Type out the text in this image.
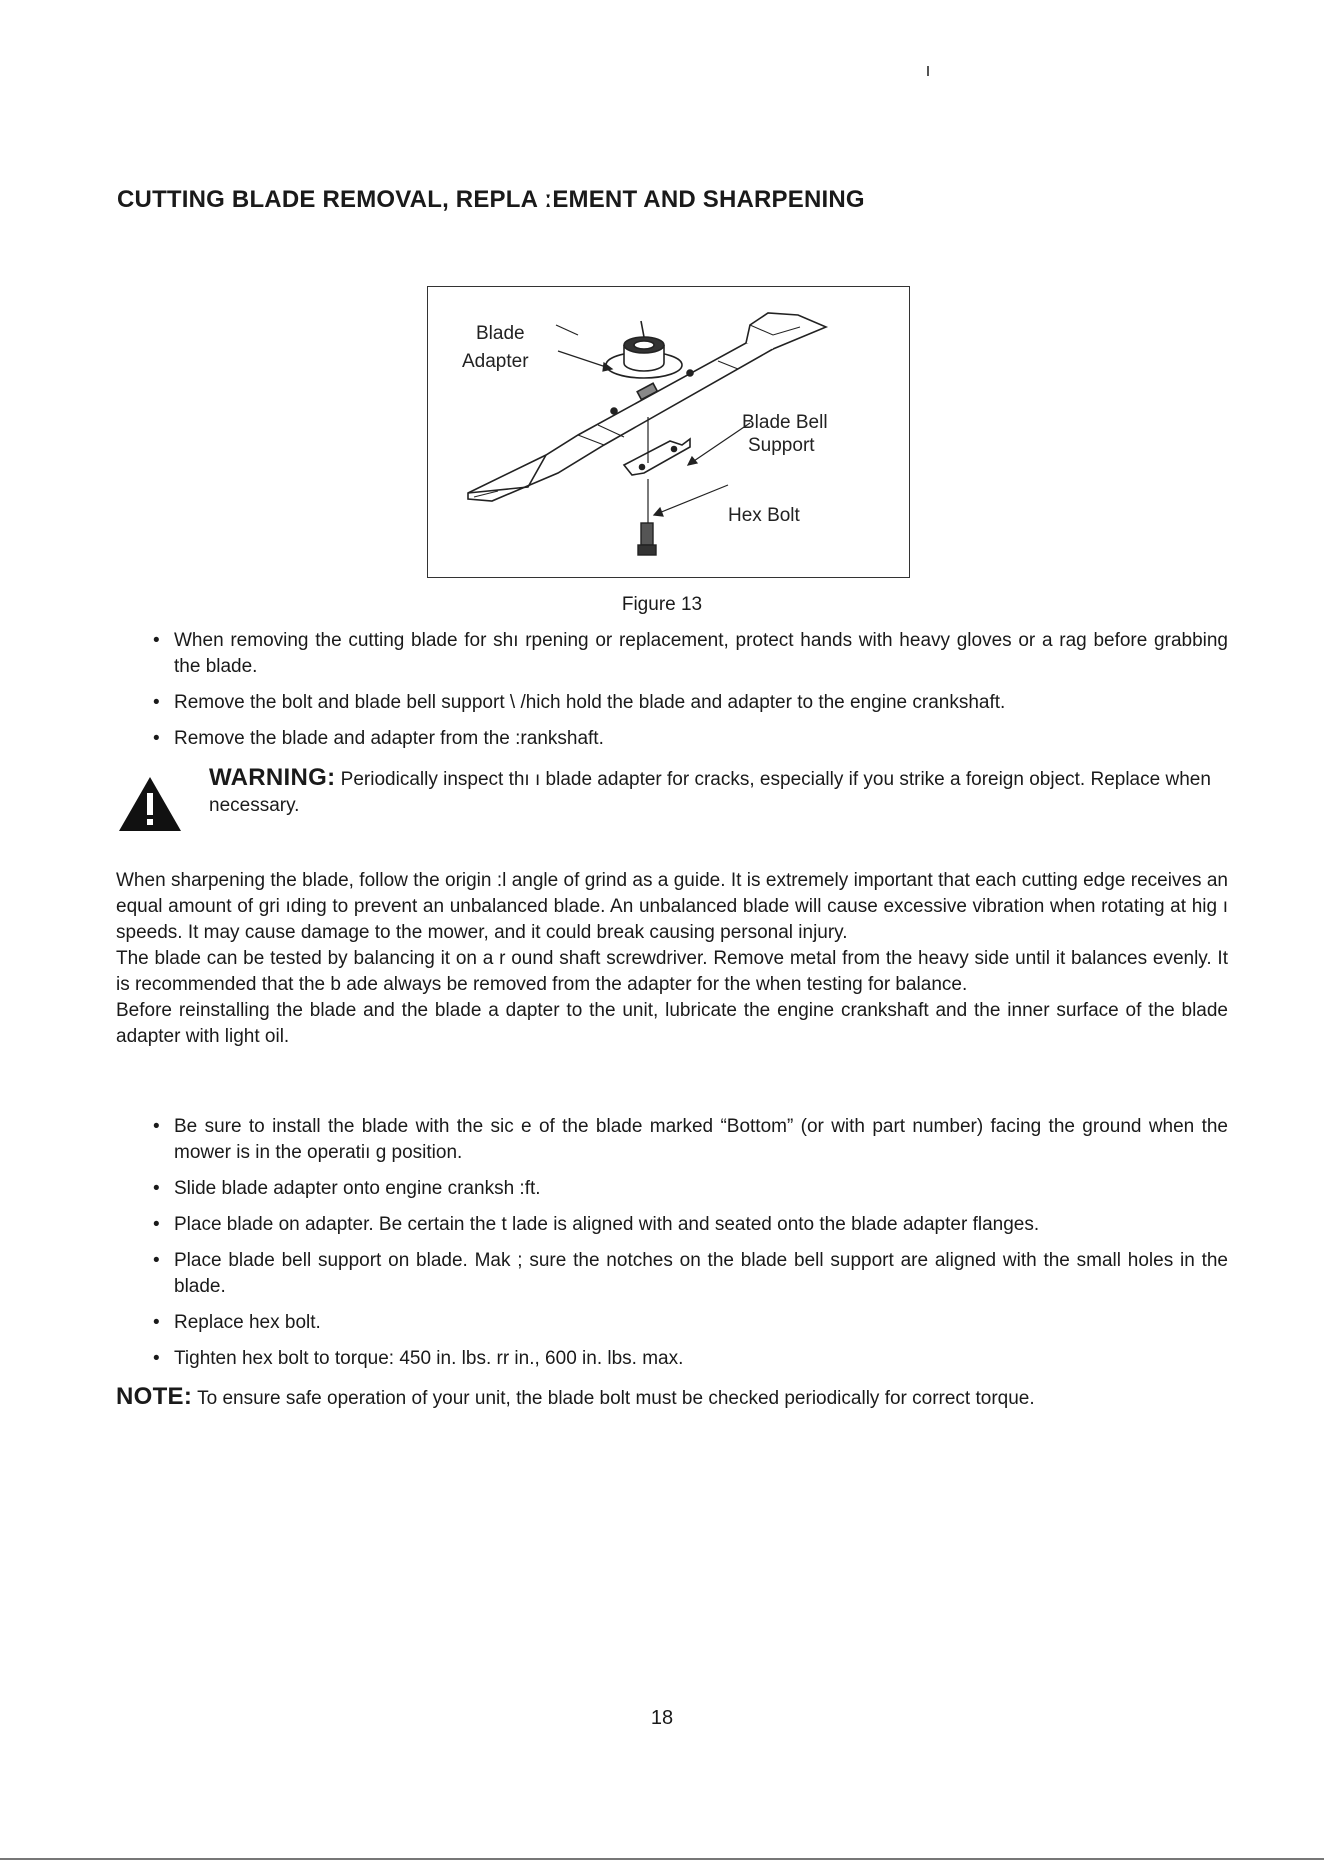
CUTTING BLADE REMOVAL, REPLA ːEMENT AND SHARPENING
Blade
Adapter
Blade Bell
Support
Hex Bolt
Figure 13
• When removing the cutting blade for shı rpening or replacement, protect hands with heavy gloves or a rag before grabbing the blade.
• Remove the bolt and blade bell support \ /hich hold the blade and adapter to the engine crankshaft.
• Remove the blade and adapter from the :rankshaft.
WARNING: Periodically inspect thı ı blade adapter for cracks, especially if you strike a foreign object. Replace when necessary.

When sharpening the blade, follow the origin :l angle of grind as a guide. It is extremely important that each cutting edge receives an equal amount of gri ıding to prevent an unbalanced blade. An unbalanced blade will cause excessive vibration when rotating at hig ı speeds. It may cause damage to the mower, and it could break causing personal injury.

The blade can be tested by balancing it on a r ound shaft screwdriver. Remove metal from the heavy side until it balances evenly. It is recommended that the b ade always be removed from the adapter for the when testing for balance.

Before reinstalling the blade and the blade a dapter to the unit, lubricate the engine crankshaft and the inner surface of the blade adapter with light oil.

• Be sure to install the blade with the sic e of the blade marked “Bottom” (or with part number) facing the ground when the mower is in the operatiı g position.
• Slide blade adapter onto engine cranksh :ft.
• Place blade on adapter. Be certain the t lade is aligned with and seated onto the blade adapter flanges.
• Place blade bell support on blade. Mak ; sure the notches on the blade bell support are aligned with the small holes in the blade.
• Replace hex bolt.
• Tighten hex bolt to torque: 450 in. lbs. rr in., 600 in. lbs. max.
NOTE: To ensure safe operation of your unit, the blade bolt must be checked periodically for correct torque.
18
